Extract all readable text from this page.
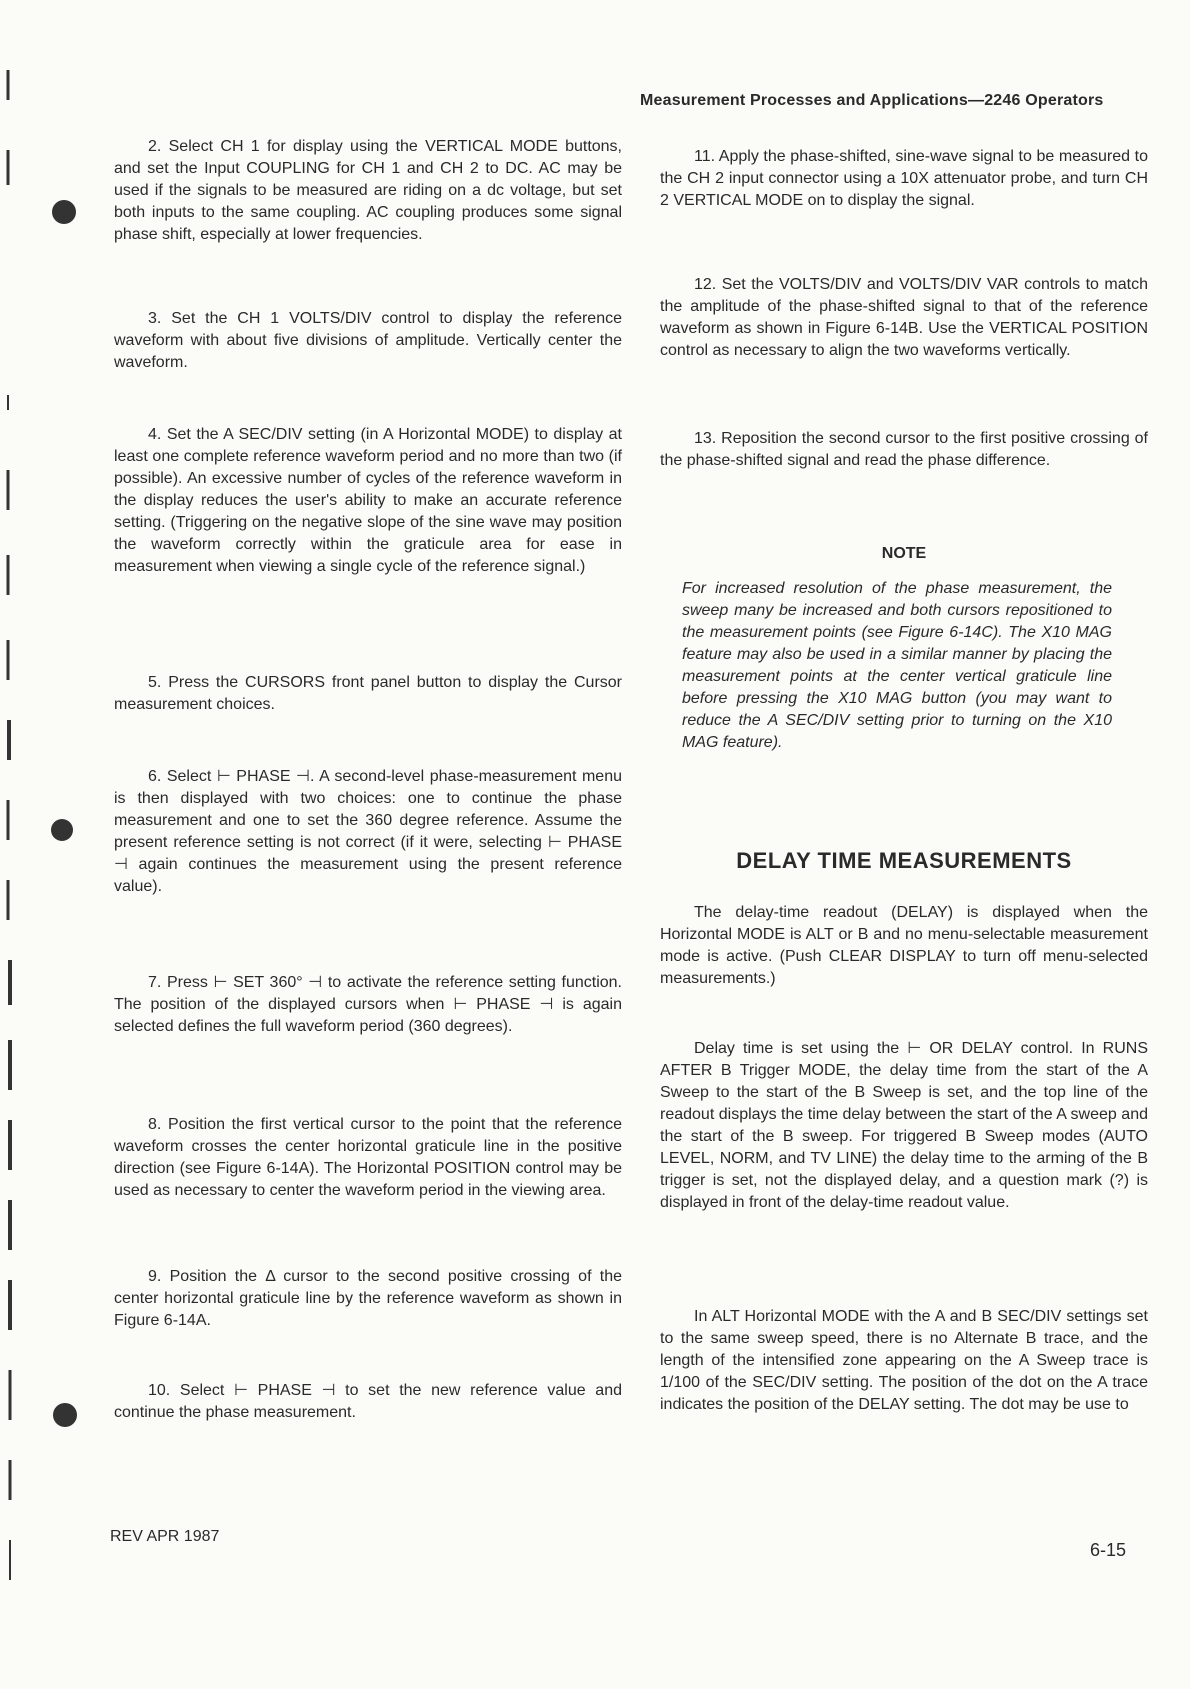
Measurement Processes and Applications—2246 Operators

2. Select CH 1 for display using the VERTICAL MODE buttons, and set the Input COUPLING for CH 1 and CH 2 to DC. AC may be used if the signals to be measured are riding on a dc voltage, but set both inputs to the same coupling. AC coupling produces some signal phase shift, especially at lower frequencies.

3. Set the CH 1 VOLTS/DIV control to display the reference waveform with about five divisions of amplitude. Vertically center the waveform.

4. Set the A SEC/DIV setting (in A Horizontal MODE) to display at least one complete reference waveform period and no more than two (if possible). An excessive number of cycles of the reference waveform in the display reduces the user's ability to make an accurate reference setting. (Triggering on the negative slope of the sine wave may position the waveform correctly within the graticule area for ease in measurement when viewing a single cycle of the reference signal.)

5. Press the CURSORS front panel button to display the Cursor measurement choices.

6. Select ⊢ PHASE ⊣. A second-level phase-measurement menu is then displayed with two choices: one to continue the phase measurement and one to set the 360 degree reference. Assume the present reference setting is not correct (if it were, selecting ⊢ PHASE ⊣ again continues the measurement using the present reference value).

7. Press ⊢ SET 360° ⊣ to activate the reference setting function. The position of the displayed cursors when ⊢ PHASE ⊣ is again selected defines the full waveform period (360 degrees).

8. Position the first vertical cursor to the point that the reference waveform crosses the center horizontal graticule line in the positive direction (see Figure 6-14A). The Horizontal POSITION control may be used as necessary to center the waveform period in the viewing area.

9. Position the Δ cursor to the second positive crossing of the center horizontal graticule line by the reference waveform as shown in Figure 6-14A.

10. Select ⊢ PHASE ⊣ to set the new reference value and continue the phase measurement.

11. Apply the phase-shifted, sine-wave signal to be measured to the CH 2 input connector using a 10X attenuator probe, and turn CH 2 VERTICAL MODE on to display the signal.

12. Set the VOLTS/DIV and VOLTS/DIV VAR controls to match the amplitude of the phase-shifted signal to that of the reference waveform as shown in Figure 6-14B. Use the VERTICAL POSITION control as necessary to align the two waveforms vertically.

13. Reposition the second cursor to the first positive crossing of the phase-shifted signal and read the phase difference.

NOTE
For increased resolution of the phase measurement, the sweep many be increased and both cursors repositioned to the measurement points (see Figure 6-14C). The X10 MAG feature may also be used in a similar manner by placing the measurement points at the center vertical graticule line before pressing the X10 MAG button (you may want to reduce the A SEC/DIV setting prior to turning on the X10 MAG feature).
DELAY TIME MEASUREMENTS

The delay-time readout (DELAY) is displayed when the Horizontal MODE is ALT or B and no menu-selectable measurement mode is active. (Push CLEAR DISPLAY to turn off menu-selected measurements.)

Delay time is set using the ⊢ OR DELAY control. In RUNS AFTER B Trigger MODE, the delay time from the start of the A Sweep to the start of the B Sweep is set, and the top line of the readout displays the time delay between the start of the A sweep and the start of the B sweep. For triggered B Sweep modes (AUTO LEVEL, NORM, and TV LINE) the delay time to the arming of the B trigger is set, not the displayed delay, and a question mark (?) is displayed in front of the delay-time readout value.

In ALT Horizontal MODE with the A and B SEC/DIV settings set to the same sweep speed, there is no Alternate B trace, and the length of the intensified zone appearing on the A Sweep trace is 1/100 of the SEC/DIV setting. The position of the dot on the A trace indicates the position of the DELAY setting. The dot may be use to

REV APR 1987
6-15
